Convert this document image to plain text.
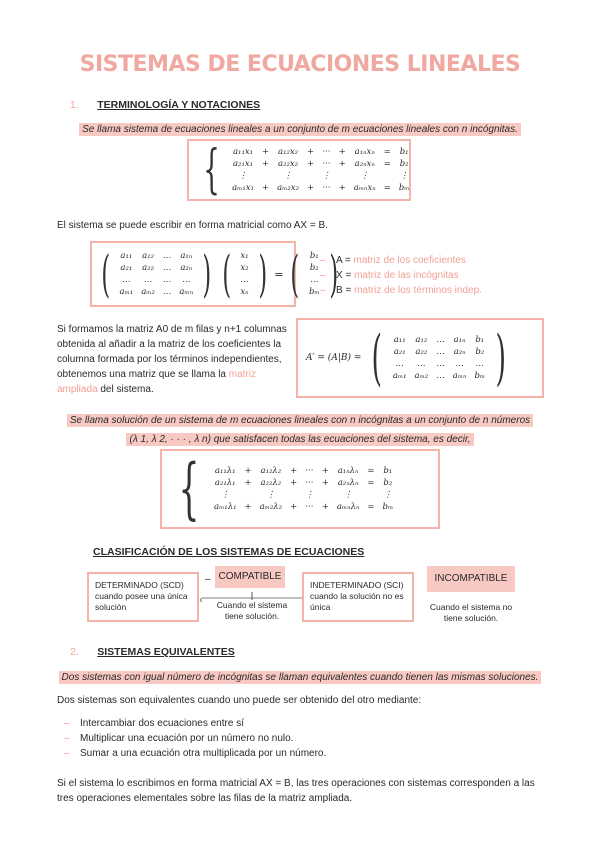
SISTEMAS DE ECUACIONES LINEALES
1. TERMINOLOGÍA Y NOTACIONES
Se llama sistema de ecuaciones lineales a un conjunto de m ecuaciones lineales con n incógnitas.
{ a₁₁x₁	+	a₁₂x₂	+	···	+	a₁ₙxₙ	=	b₁
a₂₁x₁	+	a₂₂x₂	+	···	+	a₂ₙxₙ	=	b₂
⋮		⋮		⋮		⋮		⋮
aₘ₁x₁	+	aₘ₂x₂	+	···	+	aₘₙxₙ	=	bₘ
El sistema se puede escribir en forma matricial como AX = B.
( a₁₁	a₁₂	…	a₁ₙ
a₂₁	a₂₂	…	a₂ₙ
…	…	…	…
aₘ₁	aₘ₂	…	aₘₙ ) ( x₁
x₂
…
xₙ ) = ( b₁
b₂
…
bₘ )
– A = matriz de los coeficientes
– X = matriz de las incógnitas
– B = matriz de los términos indep.
Si formamos la matriz A0 de m filas y n+1 columnas obtenida al añadir a la matriz de los coeficientes la columna formada por los términos independientes, obtenemos una matriz que se llama la matriz ampliada del sistema.
A′ = (A|B) = ( a₁₁	a₁₂	…	a₁ₙ	b₁
a₂₁	a₂₂	…	a₂ₙ	b₂
…	…	…	…	…
aₘ₁	aₘ₂	…	aₘₙ	bₘ )
Se llama solución de un sistema de m ecuaciones lineales con n incógnitas a un conjunto de n números
(λ 1, λ 2, · · · , λ n) que satisfacen todas las ecuaciones del sistema, es decir,
{ a₁₁λ₁	+	a₁₂λ₂	+	···	+	a₁ₙλₙ	=	b₁
a₂₁λ₁	+	a₂₂λ₂	+	···	+	a₂ₙλₙ	=	b₂
⋮		⋮		⋮		⋮		⋮
aₘ₁λ₁	+	aₘ₂λ₂	+	···	+	aₘₙλₙ	=	bₘ
CLASIFICACIÓN DE LOS SISTEMAS DE ECUACIONES
DETERMINADO (SCD)
cuando posee una única solución
– COMPATIBLE
Cuando el sistema tiene solución.
INDETERMINADO (SCI)
cuando la solución no es única
INCOMPATIBLE
Cuando el sistema no tiene solución.
2. SISTEMAS EQUIVALENTES
Dos sistemas con igual número de incógnitas se llaman equivalentes cuando tienen las mismas soluciones.
Dos sistemas son equivalentes cuando uno puede ser obtenido del otro mediante:
– Intercambiar dos ecuaciones entre sí
– Multiplicar una ecuación por un número no nulo.
– Sumar a una ecuación otra multiplicada por un número.
Si el sistema lo escribimos en forma matricial AX = B, las tres operaciones con sistemas corresponden a las tres operaciones elementales sobre las filas de la matriz ampliada.
